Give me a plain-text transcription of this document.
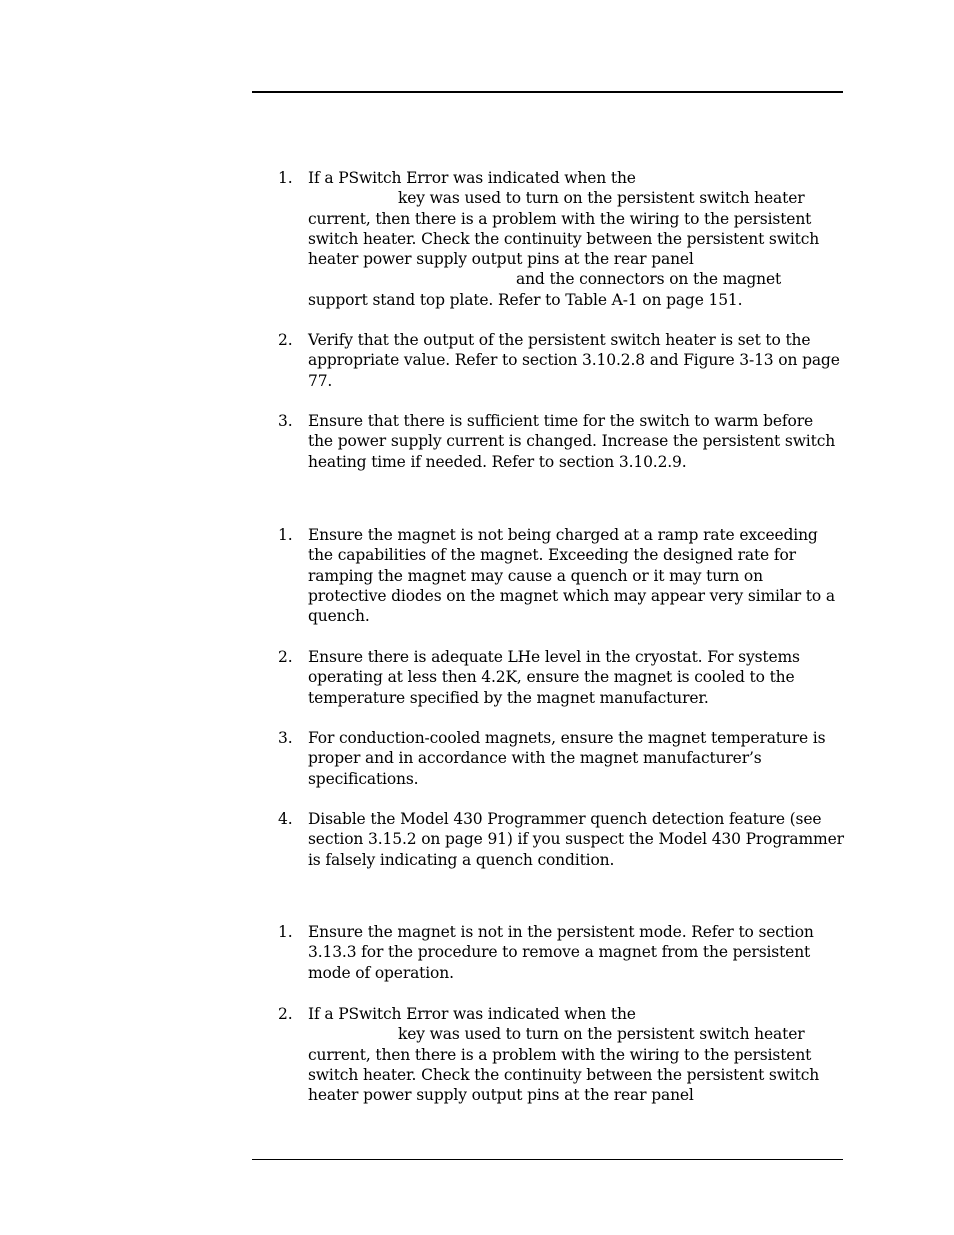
1.	If a PSwitch Error was indicated when the
key was used to turn on the persistent switch heater
current, then there is a problem with the wiring to the persistent
switch heater. Check the continuity between the persistent switch
heater power supply output pins at the rear panel
and the connectors on the magnet
support stand top plate. Refer to Table A-1 on page 151.
2.	Verify that the output of the persistent switch heater is set to the
appropriate value. Refer to section 3.10.2.8 and Figure 3-13 on page
77.
3.	Ensure that there is sufficient time for the switch to warm before
the power supply current is changed. Increase the persistent switch
heating time if needed. Refer to section 3.10.2.9.
1.	Ensure the magnet is not being charged at a ramp rate exceeding
the capabilities of the magnet. Exceeding the designed rate for
ramping the magnet may cause a quench or it may turn on
protective diodes on the magnet which may appear very similar to a
quench.
2.	Ensure there is adequate LHe level in the cryostat. For systems
operating at less then 4.2K, ensure the magnet is cooled to the
temperature specified by the magnet manufacturer.
3.	For conduction-cooled magnets, ensure the magnet temperature is
proper and in accordance with the magnet manufacturer’s
specifications.
4.	Disable the Model 430 Programmer quench detection feature (see
section 3.15.2 on page 91) if you suspect the Model 430 Programmer
is falsely indicating a quench condition.
1.	Ensure the magnet is not in the persistent mode. Refer to section
3.13.3 for the procedure to remove a magnet from the persistent
mode of operation.
2.	If a PSwitch Error was indicated when the
key was used to turn on the persistent switch heater
current, then there is a problem with the wiring to the persistent
switch heater. Check the continuity between the persistent switch
heater power supply output pins at the rear panel
